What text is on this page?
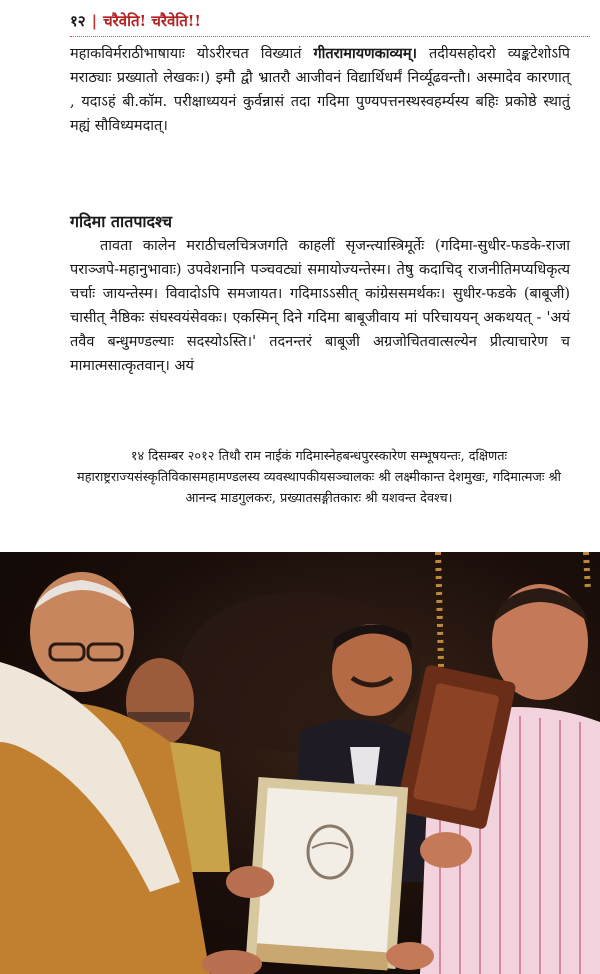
१२ | चरैवेति! चरैवेति!!
महाकविर्मराठीभाषायाः योऽरीरचत विख्यातं गीतरामायणकाव्यम्। तदीयसहोदरो व्यङ्कटेशोऽपि मराठ्याः प्रख्यातो लेखकः।) इमौ द्वौ भ्रातरौ आजीवनं विद्यार्थिधर्मं निर्व्यूढवन्तौ। अस्मादेव कारणात् , यदाऽहं बी.कॉम. परीक्षाध्ययनं कुर्वन्नासं तदा गदिमा पुण्यपत्तनस्थस्वहर्म्यस्य बहिः प्रकोष्ठे स्थातुं मह्यं सौविध्यमदात्।
गदिमा तातपादश्च
तावता कालेन मराठीचलचित्रजगति काहलीं सृजन्त्यास्त्रिमूर्तेः (गदिमा-सुधीर-फडके-राजा पराञ्जपे-महानुभावाः) उपवेशनानि पञ्चवट्यां समायोज्यन्तेस्म। तेषु कदाचिद् राजनीतिमप्यधिकृत्य चर्चाः जायन्तेस्म। विवादोऽपि समजायत। गदिमाऽऽसीत् कांग्रेससमर्थकः। सुधीर-फडके (बाबूजी) चासीत् नैष्ठिकः संघस्वयंसेवकः। एकस्मिन् दिने गदिमा बाबूजीवाय मां परिचाययन् अकथयत् - 'अयं तवैव बन्धुमण्डल्याः सदस्योऽस्ति।' तदनन्तरं बाबूजी अग्रजोचितवात्सल्येन प्रीत्याचारेण च मामात्मसात्कृतवान्। अयं
१४ दिसम्बर २०१२ तिथौ राम नाईकं गदिमास्नेहबन्धपुरस्कारेण सम्भूषयन्तः, दक्षिणतः महाराष्ट्रराज्यसंस्कृतिविकासमहामण्डलस्य व्यवस्थापकीयसञ्चालकः श्री लक्ष्मीकान्त देशमुखः, गदिमात्मजः श्री आनन्द माडगुलकरः, प्रख्यातसङ्गीतकारः श्री यशवन्त देवश्च।
